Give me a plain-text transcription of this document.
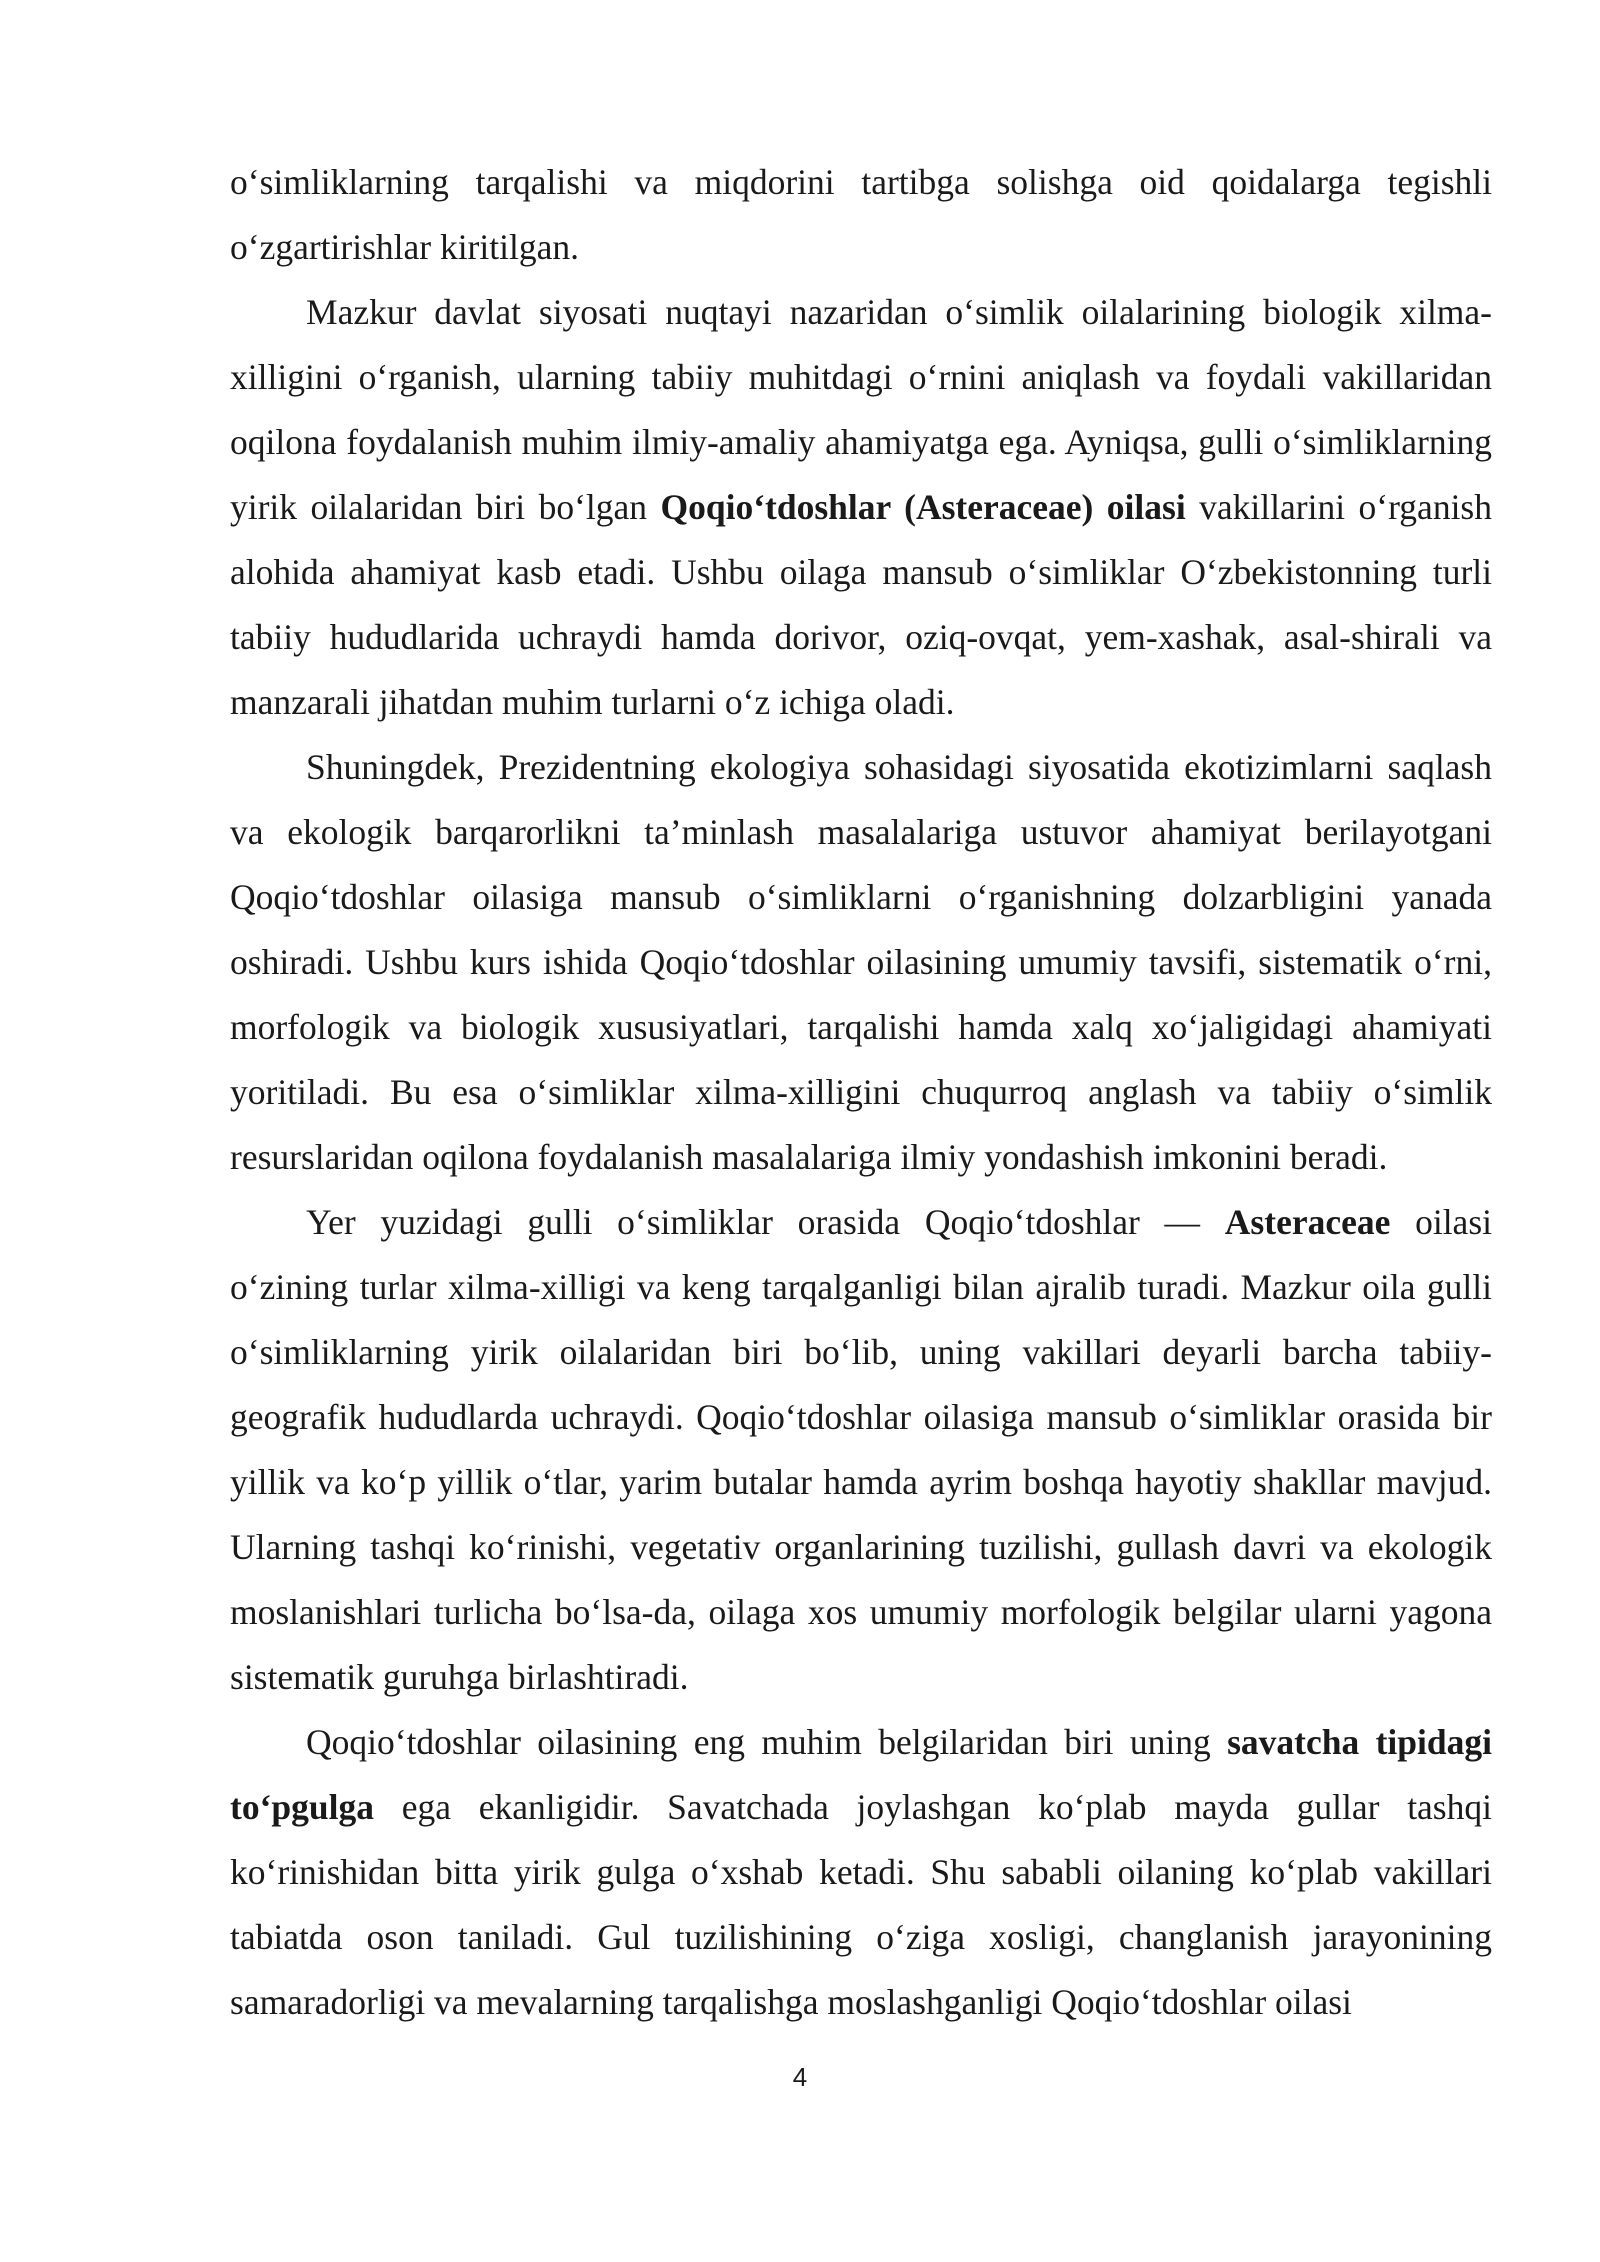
o‘simliklarning tarqalishi va miqdorini tartibga solishga oid qoidalarga tegishli o‘zgartirishlar kiritilgan.

Mazkur davlat siyosati nuqtayi nazaridan o‘simlik oilalarining biologik xilma-xilligini o‘rganish, ularning tabiiy muhitdagi o‘rnini aniqlash va foydali vakillaridan oqilona foydalanish muhim ilmiy-amaliy ahamiyatga ega. Ayniqsa, gulli o‘simliklarning yirik oilalaridan biri bo‘lgan Qoqio‘tdoshlar (Asteraceae) oilasi vakillarini o‘rganish alohida ahamiyat kasb etadi. Ushbu oilaga mansub o‘simliklar O‘zbekistonning turli tabiiy hududlarida uchraydi hamda dorivor, oziq-ovqat, yem-xashak, asal-shirali va manzarali jihatdan muhim turlarni o‘z ichiga oladi.

Shuningdek, Prezidentning ekologiya sohasidagi siyosatida ekotizimlarni saqlash va ekologik barqarorlikni ta’minlash masalalariga ustuvor ahamiyat berilayotgani Qoqio‘tdoshlar oilasiga mansub o‘simliklarni o‘rganishning dolzarbligini yanada oshiradi. Ushbu kurs ishida Qoqio‘tdoshlar oilasining umumiy tavsifi, sistematik o‘rni, morfologik va biologik xususiyatlari, tarqalishi hamda xalq xo‘jaligidagi ahamiyati yoritiladi. Bu esa o‘simliklar xilma-xilligini chuqurroq anglash va tabiiy o‘simlik resurslaridan oqilona foydalanish masalalariga ilmiy yondashish imkonini beradi.

Yer yuzidagi gulli o‘simliklar orasida Qoqio‘tdoshlar — Asteraceae oilasi o‘zining turlar xilma-xilligi va keng tarqalganligi bilan ajralib turadi. Mazkur oila gulli o‘simliklarning yirik oilalaridan biri bo‘lib, uning vakillari deyarli barcha tabiiy-geografik hududlarda uchraydi. Qoqio‘tdoshlar oilasiga mansub o‘simliklar orasida bir yillik va ko‘p yillik o‘tlar, yarim butalar hamda ayrim boshqa hayotiy shakllar mavjud. Ularning tashqi ko‘rinishi, vegetativ organlarining tuzilishi, gullash davri va ekologik moslanishlari turlicha bo‘lsa-da, oilaga xos umumiy morfologik belgilar ularni yagona sistematik guruhga birlashtiradi.

Qoqio‘tdoshlar oilasining eng muhim belgilaridan biri uning savatcha tipidagi to‘pgulga ega ekanligidir. Savatchada joylashgan ko‘plab mayda gullar tashqi ko‘rinishidan bitta yirik gulga o‘xshab ketadi. Shu sababli oilaning ko‘plab vakillari tabiatda oson taniladi. Gul tuzilishining o‘ziga xosligi, changlanish jarayonining samaradorligi va mevalarning tarqalishga moslashganligi Qoqio‘tdoshlar oilasi

4
